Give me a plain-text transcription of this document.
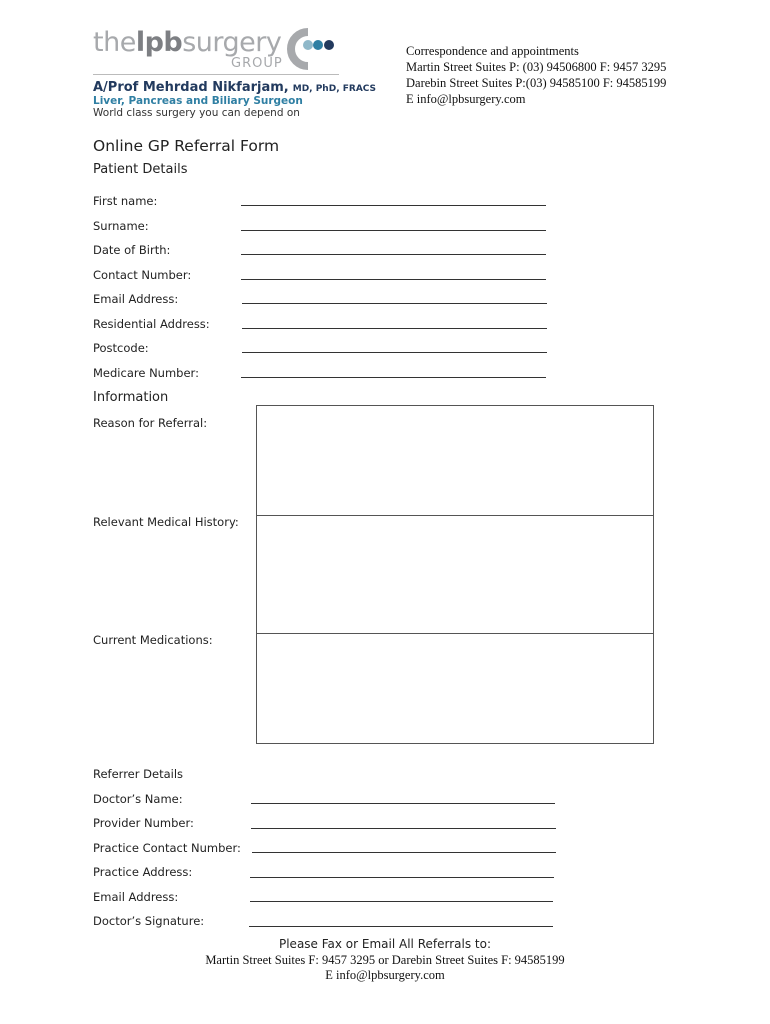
thelpbsurgery
GROUP
A/Prof Mehrdad Nikfarjam, MD, PhD, FRACS
Liver, Pancreas and Biliary Surgeon
World class surgery you can depend on
Correspondence and appointments
Martin Street Suites P: (03) 94506800 F: 9457 3295
Darebin Street Suites P:(03) 94585100 F: 94585199
E info@lpbsurgery.com
Online GP Referral Form
Patient Details
First name:
Surname:
Date of Birth:
Contact Number:
Email Address:
Residential Address:
Postcode:
Medicare Number:
Information
Reason for Referral:
Relevant Medical History:
Current Medications:
Referrer Details
Doctor’s Name:
Provider Number:
Practice Contact Number:
Practice Address:
Email Address:
Doctor’s Signature:
Please Fax or Email All Referrals to:
Martin Street Suites F: 9457 3295 or Darebin Street Suites F: 94585199
E info@lpbsurgery.com
